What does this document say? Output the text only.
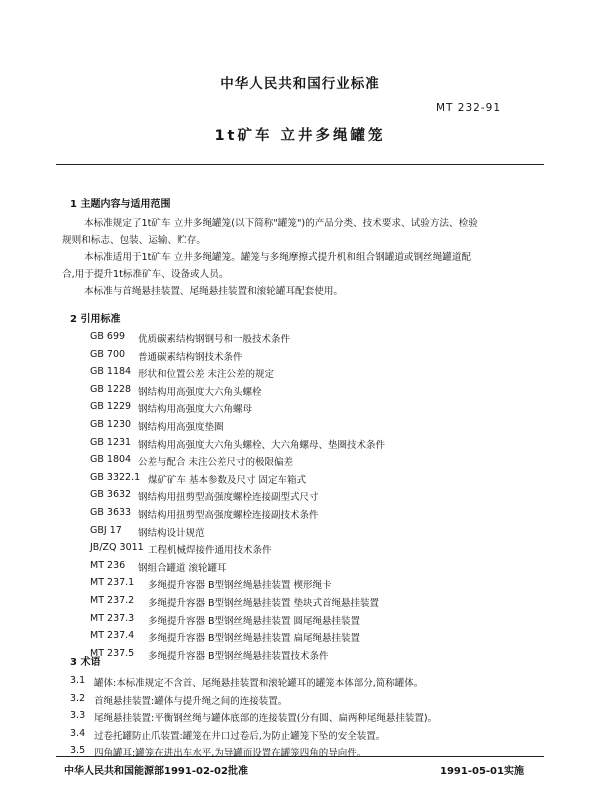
中华人民共和国行业标准
MT 232-91
1t矿车 立井多绳罐笼
1 主题内容与适用范围
本标准规定了1t矿车 立井多绳罐笼(以下简称"罐笼")的产品分类、技术要求、试验方法、检验
规则和标志、包装、运输、贮存。
本标准适用于1t矿车 立井多绳罐笼。罐笼与多绳摩擦式提升机和组合钢罐道或钢丝绳罐道配
合,用于提升1t标准矿车、设备或人员。
本标准与首绳悬挂装置、尾绳悬挂装置和滚轮罐耳配套使用。
2 引用标准
GB 699 优质碳素结构钢钢号和一般技术条件
GB 700 普通碳素结构钢技术条件
GB 1184 形状和位置公差 未注公差的规定
GB 1228 钢结构用高强度大六角头螺栓
GB 1229 钢结构用高强度大六角螺母
GB 1230 钢结构用高强度垫圈
GB 1231 钢结构用高强度大六角头螺栓、大六角螺母、垫圈技术条件
GB 1804 公差与配合 未注公差尺寸的极限偏差
GB 3322.1 煤矿矿车 基本参数及尺寸 固定车箱式
GB 3632 钢结构用扭剪型高强度螺栓连接副型式尺寸
GB 3633 钢结构用扭剪型高强度螺栓连接副技术条件
GBJ 17 钢结构设计规范
JB/ZQ 3011 工程机械焊接件通用技术条件
MT 236 钢组合罐道 滚轮罐耳
MT 237.1 多绳提升容器 B型钢丝绳悬挂装置 楔形绳卡
MT 237.2 多绳提升容器 B型钢丝绳悬挂装置 垫块式首绳悬挂装置
MT 237.3 多绳提升容器 B型钢丝绳悬挂装置 圆尾绳悬挂装置
MT 237.4 多绳提升容器 B型钢丝绳悬挂装置 扁尾绳悬挂装置
MT 237.5 多绳提升容器 B型钢丝绳悬挂装置技术条件
3 术语
3.1 罐体:本标准规定不含首、尾绳悬挂装置和滚轮罐耳的罐笼本体部分,简称罐体。
3.2 首绳悬挂装置:罐体与提升绳之间的连接装置。
3.3 尾绳悬挂装置:平衡钢丝绳与罐体底部的连接装置(分有圆、扁两种尾绳悬挂装置)。
3.4 过卷托罐防止爪装置:罐笼在井口过卷后,为防止罐笼下坠的安全装置。
3.5 四角罐耳:罐笼在进出车水平,为导罐而设置在罐笼四角的导向件。
中华人民共和国能源部1991-02-02批准	1991-05-01实施
